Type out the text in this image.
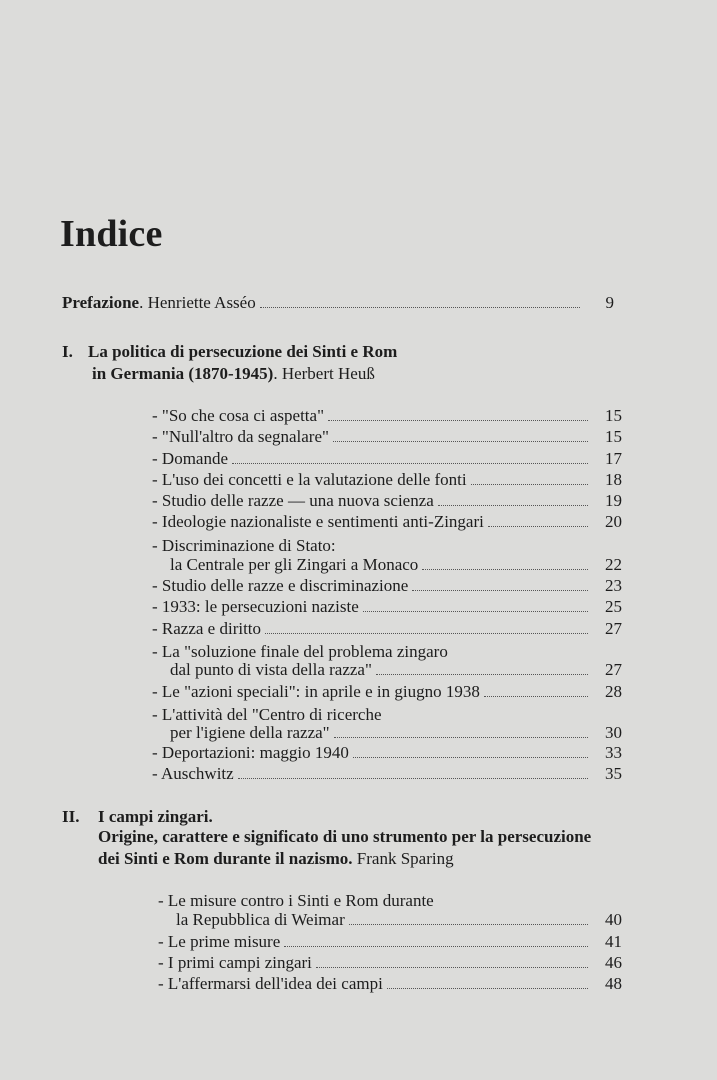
Indice
Prefazione . Henriette Asséo	9
I. La politica di persecuzione dei Sinti e Rom
in Germania (1870-1945). Herbert Heuß
- "So che cosa ci aspetta"	15
- "Null'altro da segnalare"	15
- Domande	17
- L'uso dei concetti e la valutazione delle fonti	18
- Studio delle razze — una nuova scienza	19
- Ideologie nazionaliste e sentimenti anti-Zingari	20
- Discriminazione di Stato:
la Centrale per gli Zingari a Monaco	22
- Studio delle razze e discriminazione	23
- 1933: le persecuzioni naziste	25
- Razza e diritto	27
- La "soluzione finale del problema zingaro
dal punto di vista della razza"	27
- Le "azioni speciali": in aprile e in giugno 1938	28
- L'attività del "Centro di ricerche
per l'igiene della razza"	30
- Deportazioni: maggio 1940	33
- Auschwitz	35
II. I campi zingari.
Origine, carattere e significato di uno strumento per la persecuzione
dei Sinti e Rom durante il nazismo. Frank Sparing
- Le misure contro i Sinti e Rom durante
la Repubblica di Weimar	40
- Le prime misure	41
- I primi campi zingari	46
- L'affermarsi dell'idea dei campi	48
